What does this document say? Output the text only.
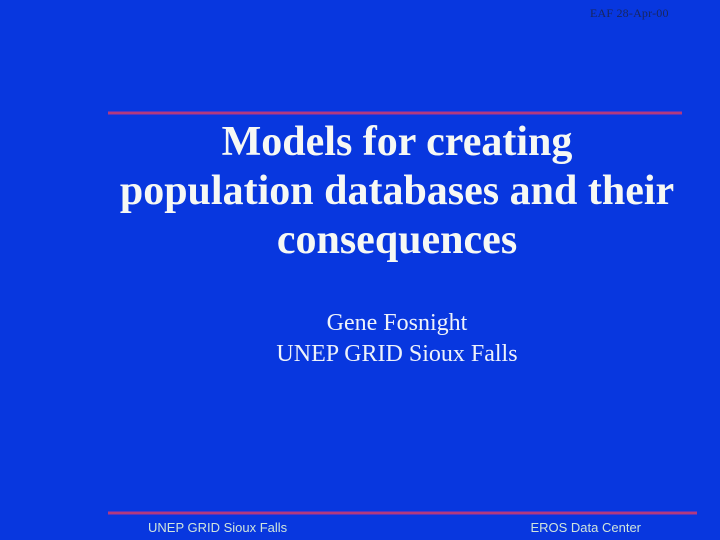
EAF 28-Apr-00
Models for creating
population databases and their
consequences
Gene Fosnight
UNEP GRID Sioux Falls
UNEP GRID Sioux Falls	EROS Data Center
